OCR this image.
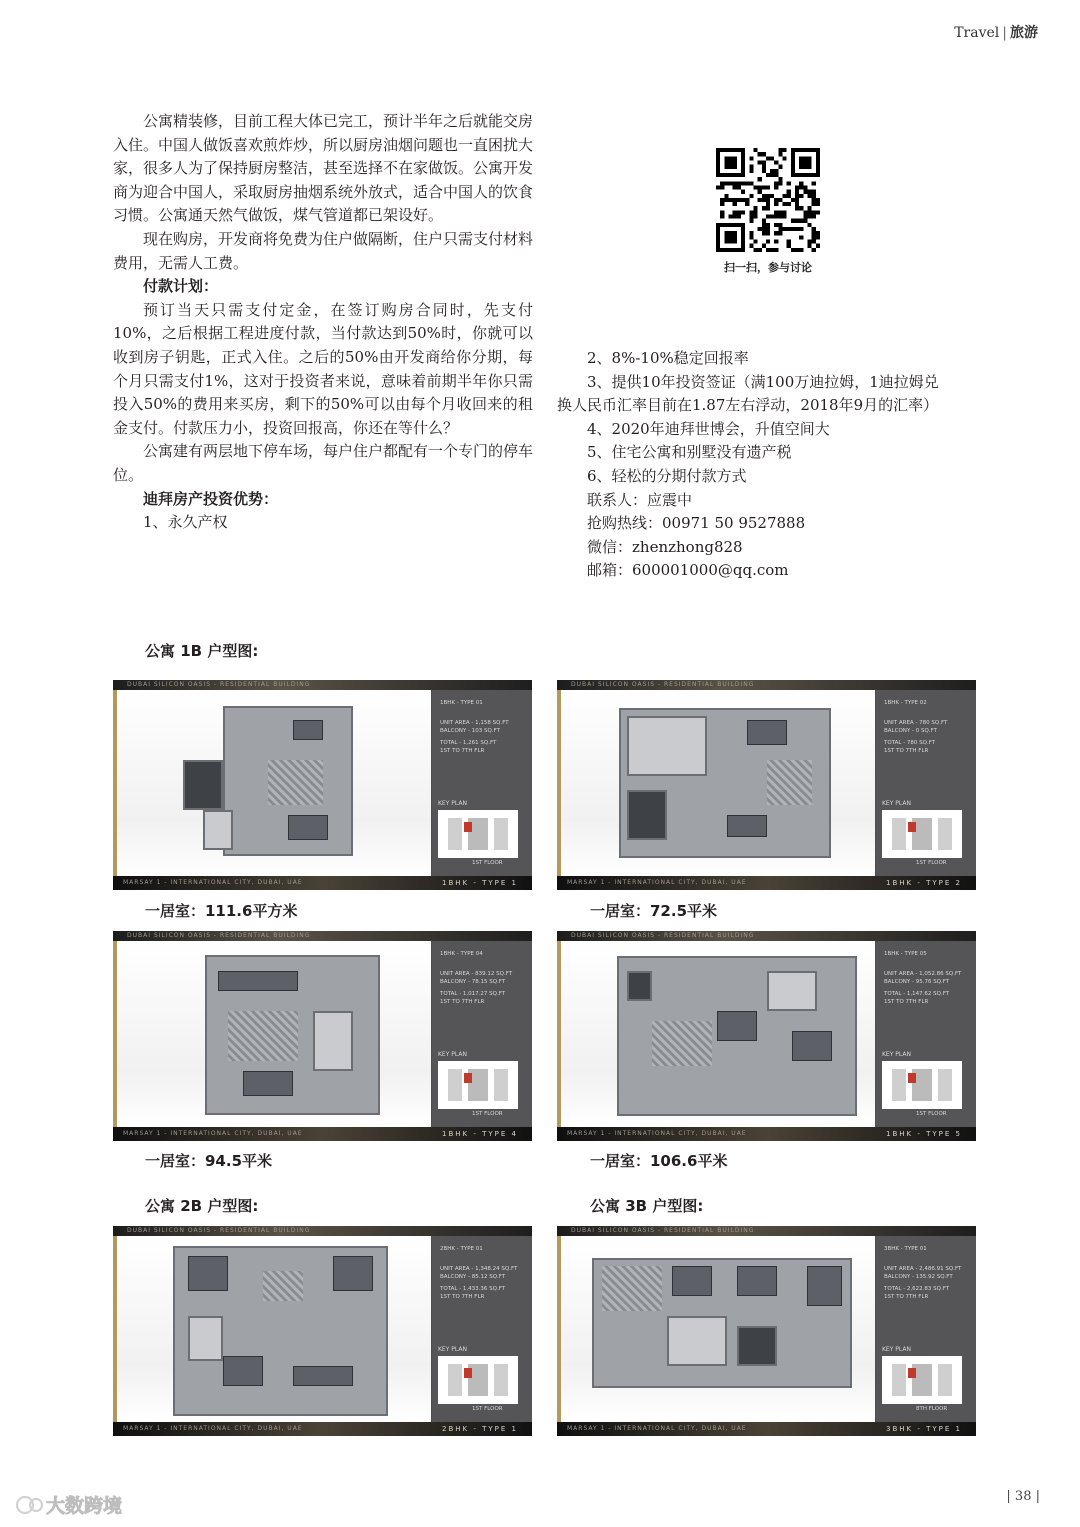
Travel | 旅游

公寓精装修，目前工程大体已完工，预计半年之后就能交房入住。中国人做饭喜欢煎炸炒，所以厨房油烟问题也一直困扰大家，很多人为了保持厨房整洁，甚至选择不在家做饭。公寓开发商为迎合中国人，采取厨房抽烟系统外放式，适合中国人的饮食习惯。公寓通天然气做饭，煤气管道都已架设好。

现在购房，开发商将免费为住户做隔断，住户只需支付材料费用，无需人工费。

付款计划：

预订当天只需支付定金，在签订购房合同时，先支付10%，之后根据工程进度付款，当付款达到50%时，你就可以收到房子钥匙，正式入住。之后的50%由开发商给你分期，每个月只需支付1%，这对于投资者来说，意味着前期半年你只需投入50%的费用来买房，剩下的50%可以由每个月收回来的租金支付。付款压力小，投资回报高，你还在等什么？

公寓建有两层地下停车场，每户住户都配有一个专门的停车位。

迪拜房产投资优势：

1、永久产权

扫一扫，参与讨论

2、8%-10%稳定回报率

3、提供10年投资签证（满100万迪拉姆，1迪拉姆兑

换人民币汇率目前在1.87左右浮动，2018年9月的汇率）

4、2020年迪拜世博会，升值空间大

5、住宅公寓和别墅没有遗产税

6、轻松的分期付款方式

联系人：应震中

抢购热线：00971 50 9527888

微信：zhenzhong828

邮箱：600001000@qq.com

公寓 1B 户型图:
公寓 2B 户型图:	公寓 3B 户型图:
DUBAI SILICON OASIS - RESIDENTIAL BUILDING
1BHK - TYPE 01
UNIT AREA - 1,158 SQ.FT
BALCONY - 103 SQ.FT
TOTAL - 1,261 SQ.FT
1ST TO 7TH FLR
KEY PLAN
1ST FLOOR
MARSAY 1 - INTERNATIONAL CITY, DUBAI, UAE	1BHK - TYPE 1
DUBAI SILICON OASIS - RESIDENTIAL BUILDING
1BHK - TYPE 02
UNIT AREA - 780 SQ.FT
BALCONY - 0 SQ.FT
TOTAL - 780 SQ.FT
1ST TO 7TH FLR
KEY PLAN
1ST FLOOR
MARSAY 1 - INTERNATIONAL CITY, DUBAI, UAE	1BHK - TYPE 2
DUBAI SILICON OASIS - RESIDENTIAL BUILDING
1BHK - TYPE 04
UNIT AREA - 839.12 SQ.FT
BALCONY - 78.15 SQ.FT
TOTAL - 1,017.27 SQ.FT
1ST TO 7TH FLR
KEY PLAN
1ST FLOOR
MARSAY 1 - INTERNATIONAL CITY, DUBAI, UAE	1BHK - TYPE 4
DUBAI SILICON OASIS - RESIDENTIAL BUILDING
1BHK - TYPE 05
UNIT AREA - 1,052.86 SQ.FT
BALCONY - 95.76 SQ.FT
TOTAL - 1,147.62 SQ.FT
1ST TO 7TH FLR
KEY PLAN
1ST FLOOR
MARSAY 1 - INTERNATIONAL CITY, DUBAI, UAE	1BHK - TYPE 5
DUBAI SILICON OASIS - RESIDENTIAL BUILDING
2BHK - TYPE 01
UNIT AREA - 1,348.24 SQ.FT
BALCONY - 85.12 SQ.FT
TOTAL - 1,433.36 SQ.FT
1ST TO 7TH FLR
KEY PLAN
1ST FLOOR
MARSAY 1 - INTERNATIONAL CITY, DUBAI, UAE	2BHK - TYPE 1
DUBAI SILICON OASIS - RESIDENTIAL BUILDING
3BHK - TYPE 01
UNIT AREA - 2,486.91 SQ.FT
BALCONY - 135.92 SQ.FT
TOTAL - 2,622.83 SQ.FT
1ST TO 7TH FLR
KEY PLAN
8TH FLOOR
MARSAY 1 - INTERNATIONAL CITY, DUBAI, UAE	3BHK - TYPE 1
一居室：111.6平方米	一居室：72.5平米
一居室：94.5平米	一居室：106.6平米
| 38 |
大数跨境
